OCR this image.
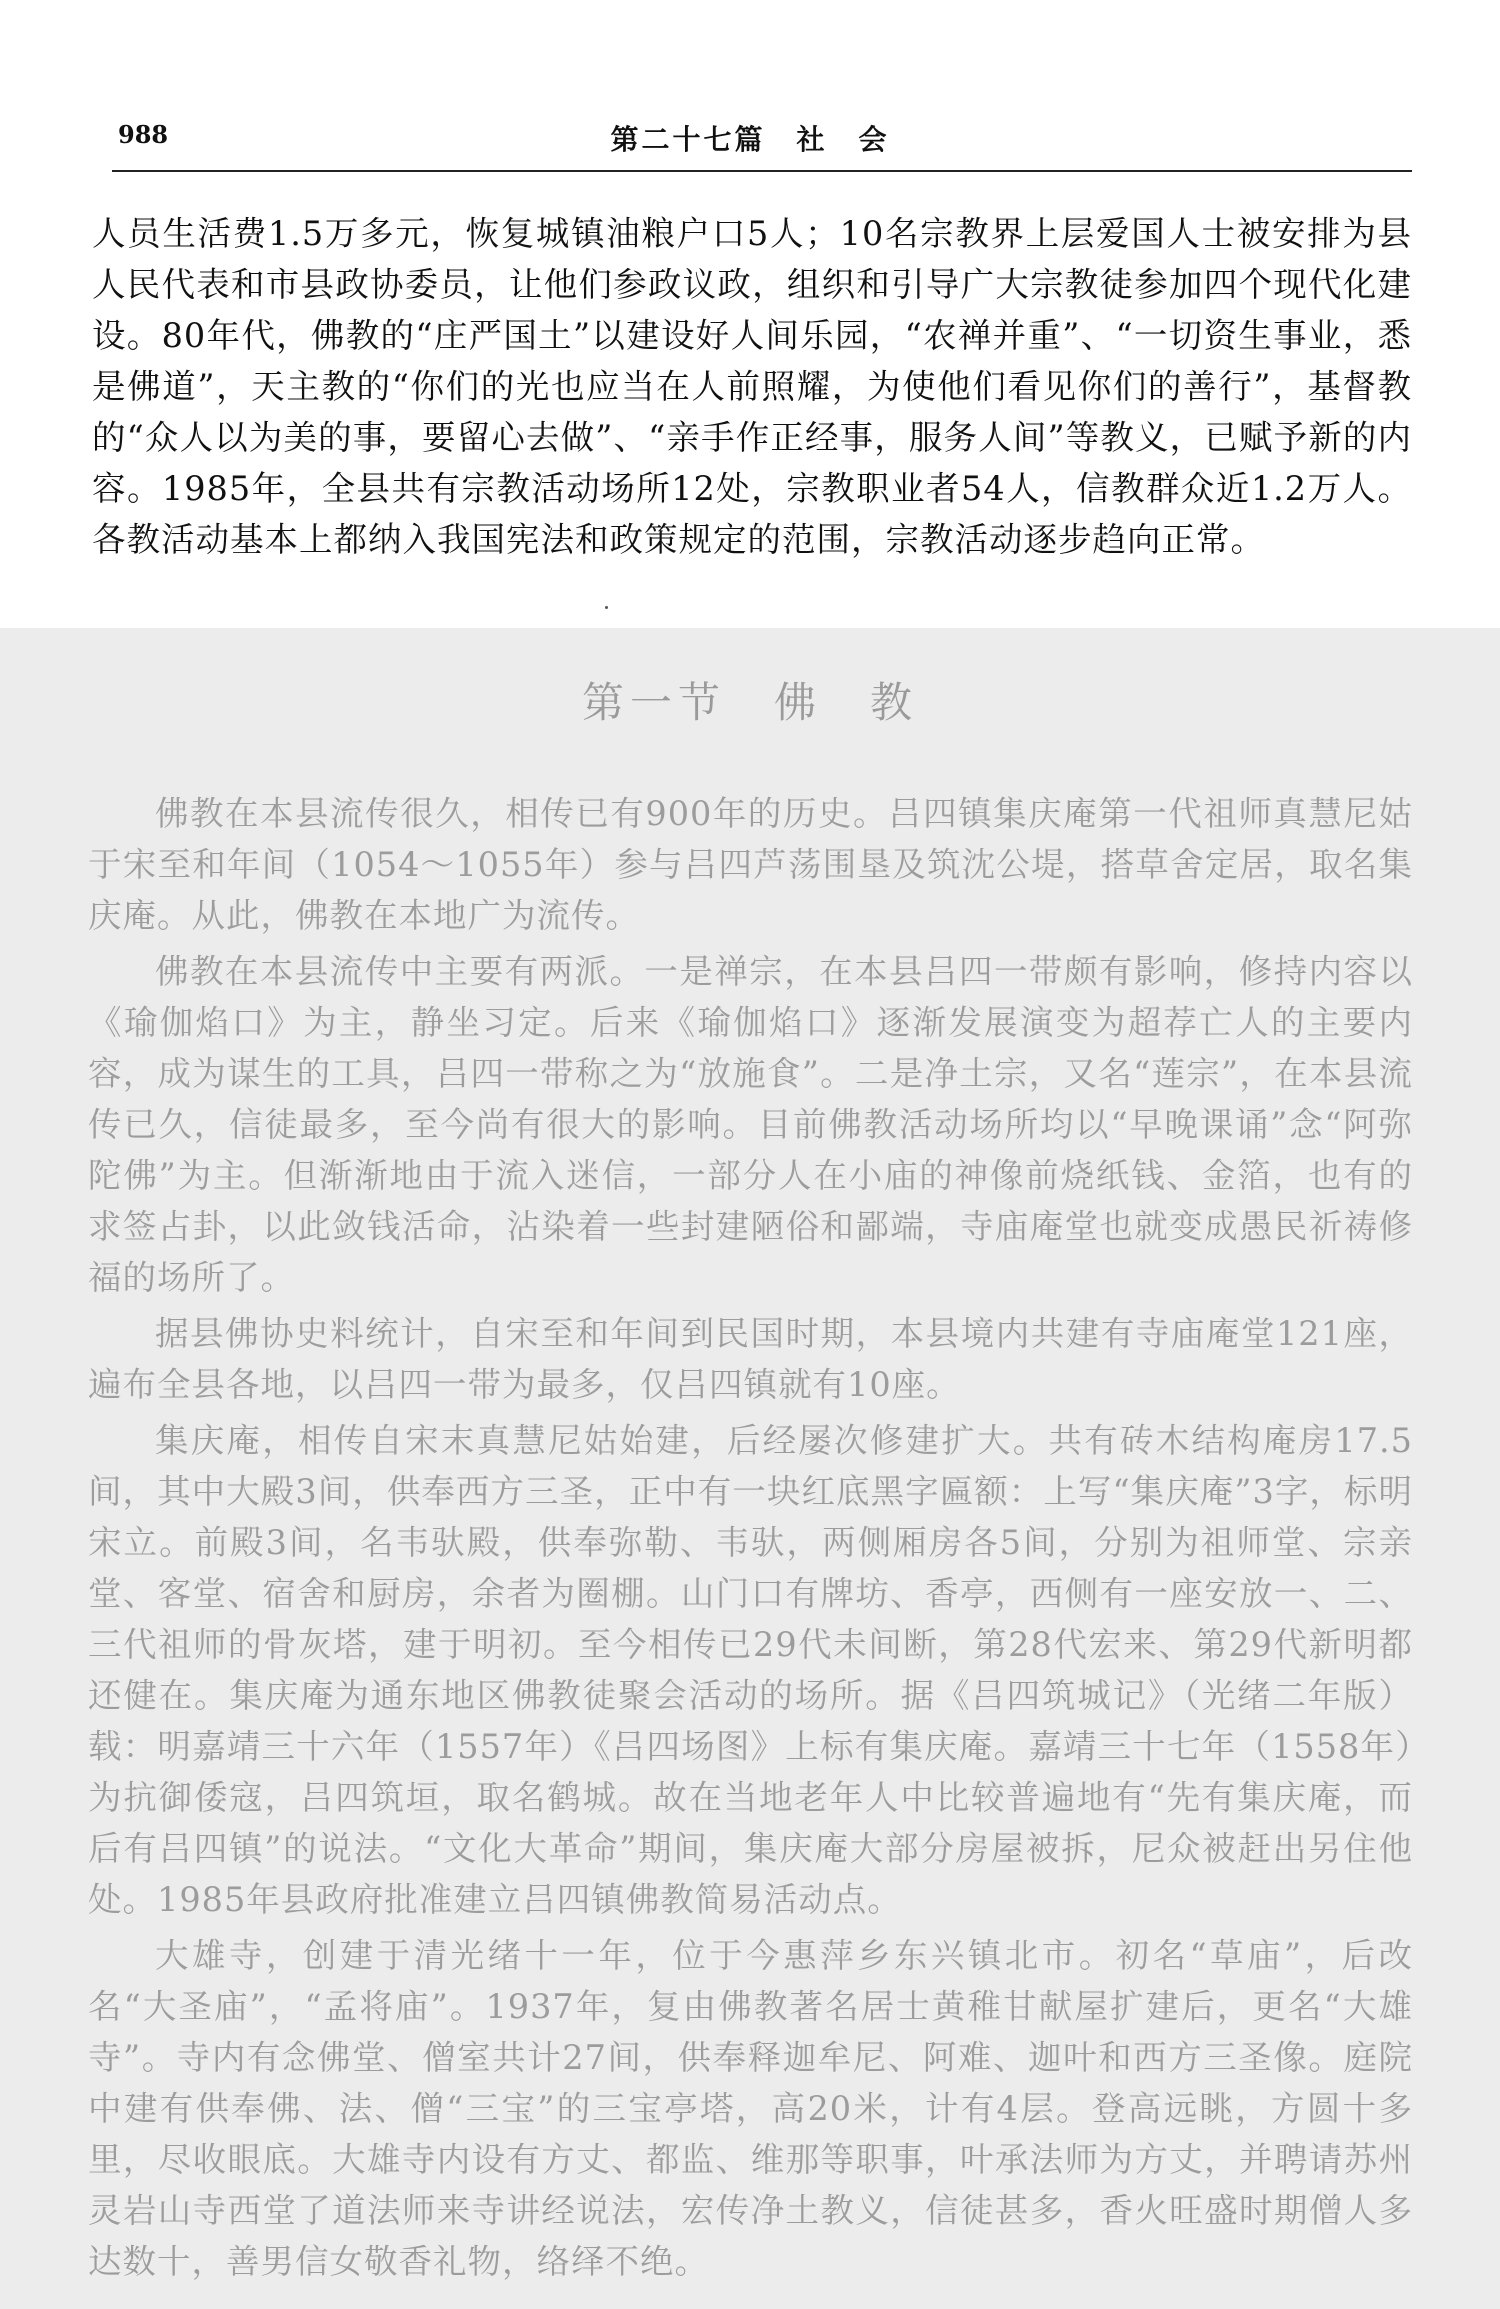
988	第二十七篇　社　会

人员生活费1.5万多元，恢复城镇油粮户口5人；10名宗教界上层爱国人士被安排为县人民代表和市县政协委员，让他们参政议政，组织和引导广大宗教徒参加四个现代化建设。80年代，佛教的“庄严国土”以建设好人间乐园，“农禅并重”、“一切资生事业，悉是佛道”，天主教的“你们的光也应当在人前照耀，为使他们看见你们的善行”，基督教的“众人以为美的事，要留心去做”、“亲手作正经事，服务人间”等教义，已赋予新的内容。1985年，全县共有宗教活动场所12处，宗教职业者54人，信教群众近1.2万人。各教活动基本上都纳入我国宪法和政策规定的范围，宗教活动逐步趋向正常。

第一节　佛　教

佛教在本县流传很久，相传已有900年的历史。吕四镇集庆庵第一代祖师真慧尼姑于宋至和年间（1054～1055年）参与吕四芦荡围垦及筑沈公堤，搭草舍定居，取名集庆庵。从此，佛教在本地广为流传。

佛教在本县流传中主要有两派。一是禅宗，在本县吕四一带颇有影响，修持内容以《瑜伽焰口》为主，静坐习定。后来《瑜伽焰口》逐渐发展演变为超荐亡人的主要内容，成为谋生的工具，吕四一带称之为“放施食”。二是净土宗，又名“莲宗”，在本县流传已久，信徒最多，至今尚有很大的影响。目前佛教活动场所均以“早晚课诵”念“阿弥陀佛”为主。但渐渐地由于流入迷信，一部分人在小庙的神像前烧纸钱、金箔，也有的求签占卦，以此敛钱活命，沾染着一些封建陋俗和鄙端，寺庙庵堂也就变成愚民祈祷修福的场所了。

据县佛协史料统计，自宋至和年间到民国时期，本县境内共建有寺庙庵堂121座，遍布全县各地，以吕四一带为最多，仅吕四镇就有10座。

集庆庵，相传自宋末真慧尼姑始建，后经屡次修建扩大。共有砖木结构庵房17.5间，其中大殿3间，供奉西方三圣，正中有一块红底黑字匾额：上写“集庆庵”3字，标明宋立。前殿3间，名韦驮殿，供奉弥勒、韦驮，两侧厢房各5间，分别为祖师堂、宗亲堂、客堂、宿舍和厨房，余者为圈棚。山门口有牌坊、香亭，西侧有一座安放一、二、三代祖师的骨灰塔，建于明初。至今相传已29代未间断，第28代宏来、第29代新明都还健在。集庆庵为通东地区佛教徒聚会活动的场所。据《吕四筑城记》（光绪二年版）载：明嘉靖三十六年（1557年）《吕四场图》上标有集庆庵。嘉靖三十七年（1558年）为抗御倭寇，吕四筑垣，取名鹤城。故在当地老年人中比较普遍地有“先有集庆庵，而后有吕四镇”的说法。“文化大革命”期间，集庆庵大部分房屋被拆，尼众被赶出另住他处。1985年县政府批准建立吕四镇佛教简易活动点。

大雄寺，创建于清光绪十一年，位于今惠萍乡东兴镇北市。初名“草庙”，后改名“大圣庙”，“孟将庙”。1937年，复由佛教著名居士黄稚甘献屋扩建后，更名“大雄寺”。寺内有念佛堂、僧室共计27间，供奉释迦牟尼、阿难、迦叶和西方三圣像。庭院中建有供奉佛、法、僧“三宝”的三宝亭塔，高20米，计有4层。登高远眺，方圆十多里，尽收眼底。大雄寺内设有方丈、都监、维那等职事，叶承法师为方丈，并聘请苏州灵岩山寺西堂了道法师来寺讲经说法，宏传净土教义，信徒甚多，香火旺盛时期僧人多达数十，善男信女敬香礼物，络绎不绝。
